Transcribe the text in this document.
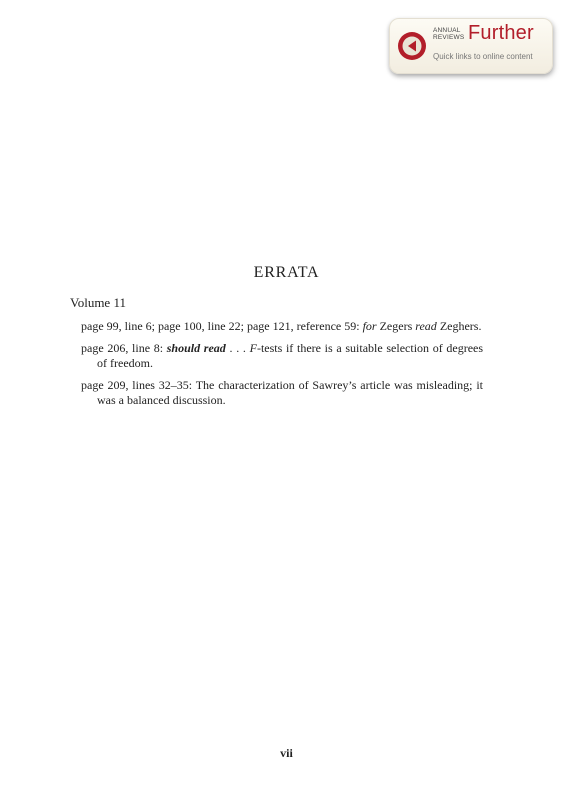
ANNUAL
REVIEWS Further
Quick links to online content
ERRATA
Volume 11

page 99, line 6; page 100, line 22; page 121, reference 59: for Zegers read Zeghers.

page 206, line 8: should read . . . F-tests if there is a suitable selection of degrees of freedom.

page 209, lines 32–35: The characterization of Sawrey’s article was misleading; it was a balanced discussion.

vii
